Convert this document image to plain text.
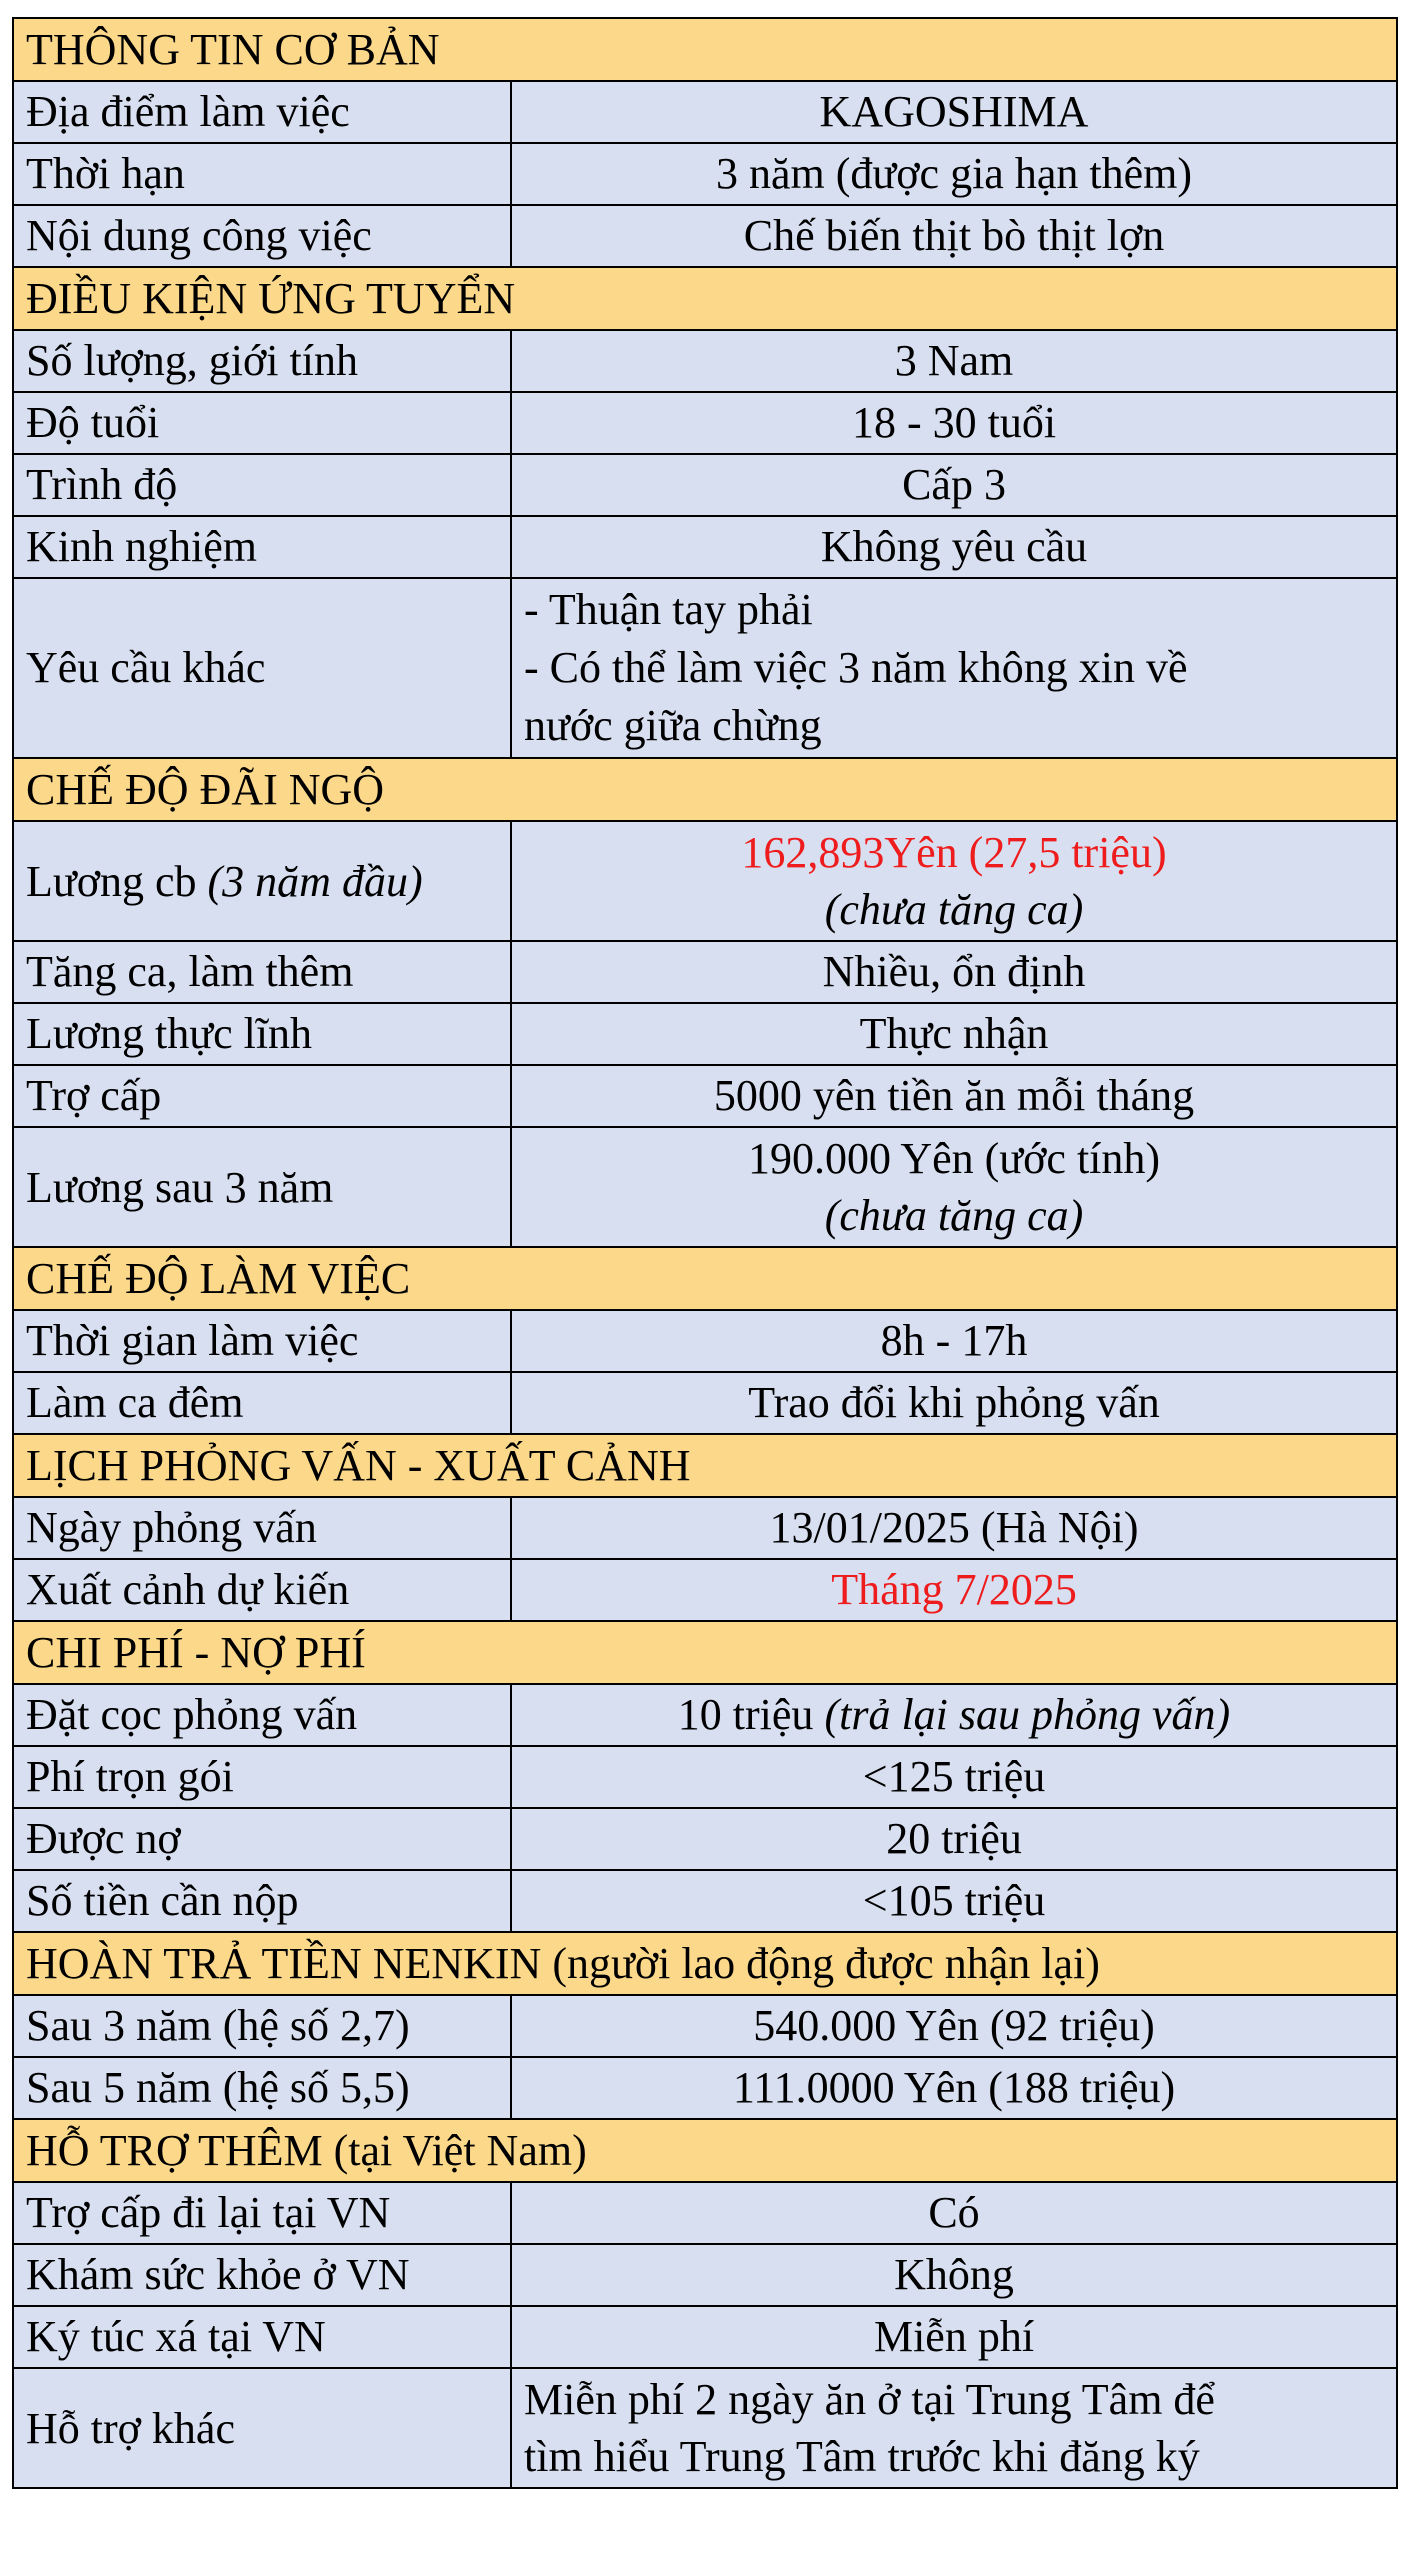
THÔNG TIN CƠ BẢN	
Địa điểm làm việc	KAGOSHIMA
Thời hạn	3 năm (được gia hạn thêm)
Nội dung công việc	Chế biến thịt bò thịt lợn
ĐIỀU KIỆN ỨNG TUYỂN	
Số lượng, giới tính	3 Nam
Độ tuổi	18 - 30 tuổi
Trình độ	Cấp 3
Kinh nghiệm	Không yêu cầu
Yêu cầu khác	- Thuận tay phải
- Có thể làm việc 3 năm không xin về
nước giữa chừng

CHẾ ĐỘ ĐÃI NGỘ	
Lương cb (3 năm đầu)	162,893Yên (27,5 triệu)
(chưa tăng ca)

Tăng ca, làm thêm	Nhiều, ổn định
Lương thực lĩnh	Thực nhận
Trợ cấp	5000 yên tiền ăn mỗi tháng
Lương sau 3 năm	190.000 Yên (ước tính)
(chưa tăng ca)

CHẾ ĐỘ LÀM VIỆC	
Thời gian làm việc	8h - 17h
Làm ca đêm	Trao đổi khi phỏng vấn
LỊCH PHỎNG VẤN - XUẤT CẢNH	
Ngày phỏng vấn	13/01/2025 (Hà Nội)
Xuất cảnh dự kiến	Tháng 7/2025
CHI PHÍ - NỢ PHÍ	
Đặt cọc phỏng vấn	10 triệu (trả lại sau phỏng vấn)
Phí trọn gói	<125 triệu
Được nợ	20 triệu
Số tiền cần nộp	<105 triệu
HOÀN TRẢ TIỀN NENKIN (người lao động được nhận lại)	
Sau 3 năm (hệ số 2,7)	540.000 Yên (92 triệu)
Sau 5 năm (hệ số 5,5)	111.0000 Yên (188 triệu)
HỖ TRỢ THÊM (tại Việt Nam)	
Trợ cấp đi lại tại VN	Có
Khám sức khỏe ở VN	Không
Ký túc xá tại VN	Miễn phí
Hỗ trợ khác	Miễn phí 2 ngày ăn ở tại Trung Tâm để
tìm hiểu Trung Tâm trước khi đăng ký
